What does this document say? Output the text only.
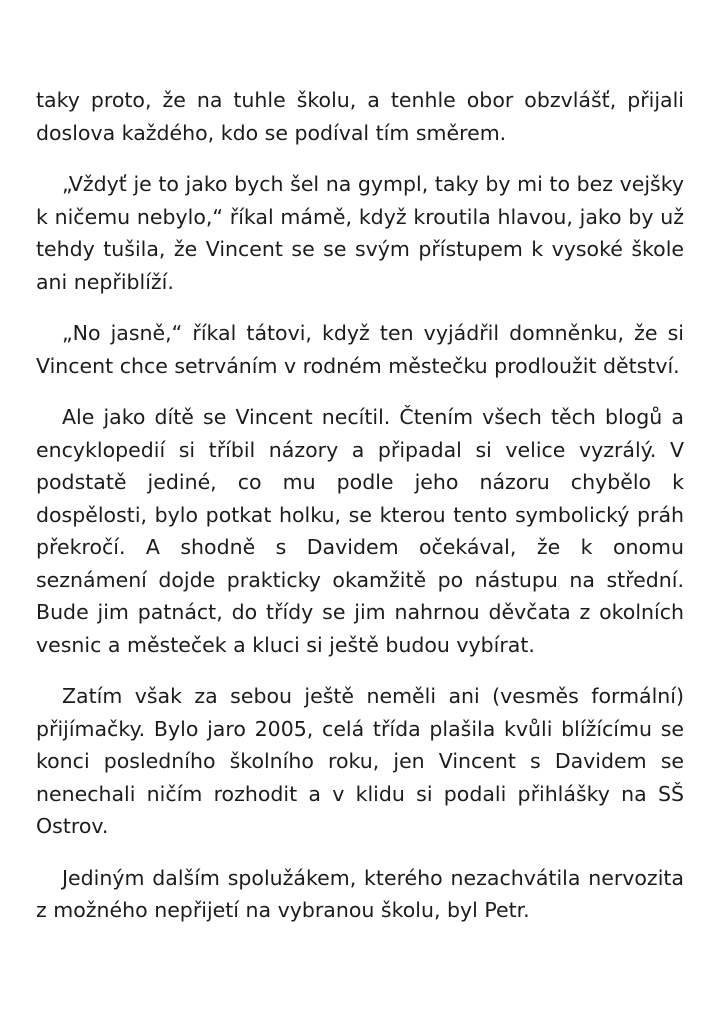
taky proto, že na tuhle školu, a tenhle obor obzvlášť, přijali doslova každého, kdo se podíval tím směrem.

„Vždyť je to jako bych šel na gympl, taky by mi to bez vejšky k ničemu nebylo,“ říkal mámě, když kroutila hlavou, jako by už tehdy tušila, že Vincent se se svým přístupem k vysoké škole ani nepřiblíží.

„No jasně,“ říkal tátovi, když ten vyjádřil domněnku, že si Vincent chce setrváním v rodném městečku prodloužit dětství.

Ale jako dítě se Vincent necítil. Čtením všech těch blogů a encyklopedií si tříbil názory a připadal si velice vyzrálý. V podstatě jediné, co mu podle jeho názoru chybělo k dospělosti, bylo potkat holku, se kterou tento symbolický práh překročí. A shodně s Davidem očekával, že k onomu seznámení dojde prakticky okamžitě po nástupu na střední. Bude jim patnáct, do třídy se jim nahrnou děvčata z okolních vesnic a městeček a kluci si ještě budou vybírat.

Zatím však za sebou ještě neměli ani (vesměs formální) přijímačky. Bylo jaro 2005, celá třída plašila kvůli blížícímu se konci posledního školního roku, jen Vincent s Davidem se nenechali ničím rozhodit a v klidu si podali přihlášky na SŠ Ostrov.

Jediným dalším spolužákem, kterého nezachvátila nervozita z možného nepřijetí na vybranou školu, byl Petr.
